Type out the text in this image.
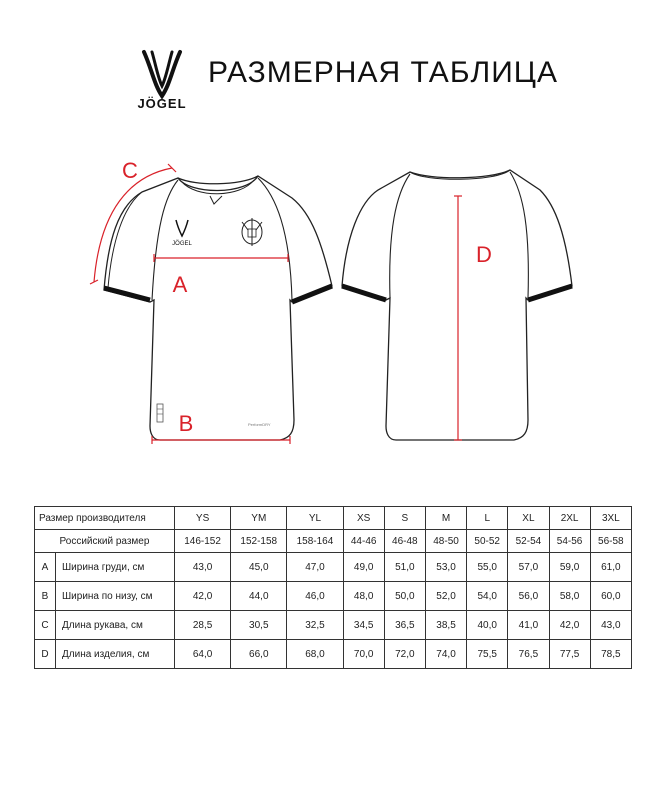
JÖGEL
РАЗМЕРНАЯ ТАБЛИЦА
JÖGEL
PerformDRY
A
B
C
D
Размер производителя		YS	YM	YL	XS	S	M	L	XL	2XL	3XL
Российский размер		146-152	152-158	158-164	44-46	46-48	48-50	50-52	52-54	54-56	56-58
A	Ширина груди, см	43,0	45,0	47,0	49,0	51,0	53,0	55,0	57,0	59,0	61,0
B	Ширина по низу, см	42,0	44,0	46,0	48,0	50,0	52,0	54,0	56,0	58,0	60,0
C	Длина рукава, см	28,5	30,5	32,5	34,5	36,5	38,5	40,0	41,0	42,0	43,0
D	Длина изделия, см	64,0	66,0	68,0	70,0	72,0	74,0	75,5	76,5	77,5	78,5
